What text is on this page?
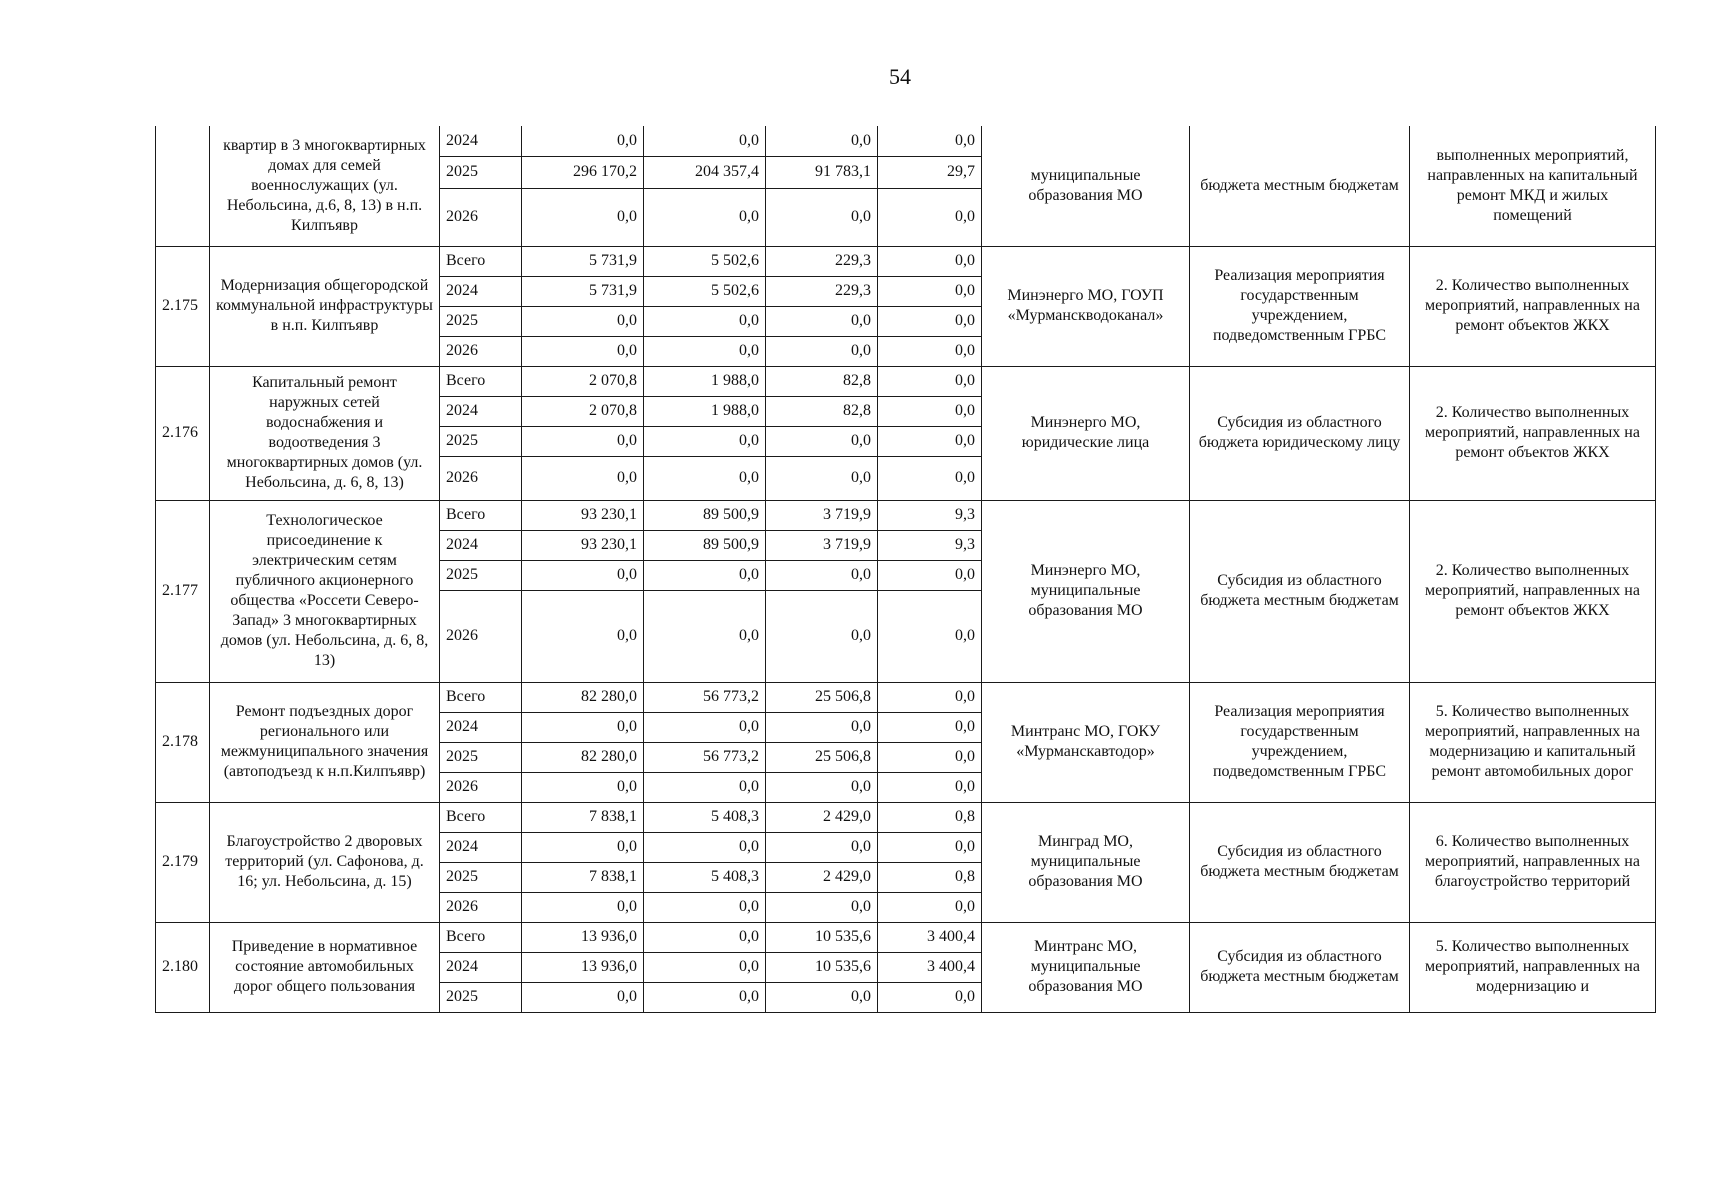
54
	квартир в 3 многоквартирных домах для семей военнослужащих (ул. Небольсина, д.6, 8, 13) в н.п. Килпъявр	2024	0,0	0,0	0,0	0,0	муниципальные образования МО	бюджета местным бюджетам	выполненных мероприятий, направленных на капитальный ремонт МКД и жилых помещений
		2025	296 170,2	204 357,4	91 783,1	29,7			
		2026	0,0	0,0	0,0	0,0			
2.175	Модернизация общегородской коммунальной инфраструктуры в н.п. Килпъявр	Всего	5 731,9	5 502,6	229,3	0,0	Минэнерго МО, ГОУП «Мурманскводоканал»	Реализация мероприятия государственным учреждением, подведомственным ГРБС	2. Количество выполненных мероприятий, направленных на ремонт объектов ЖКХ
		2024	5 731,9	5 502,6	229,3	0,0			
		2025	0,0	0,0	0,0	0,0			
		2026	0,0	0,0	0,0	0,0			
2.176	Капитальный ремонт наружных сетей водоснабжения и водоотведения 3 многоквартирных домов (ул. Небольсина, д. 6, 8, 13)	Всего	2 070,8	1 988,0	82,8	0,0	Минэнерго МО, юридические лица	Субсидия из областного бюджета юридическому лицу	2. Количество выполненных мероприятий, направленных на ремонт объектов ЖКХ
		2024	2 070,8	1 988,0	82,8	0,0			
		2025	0,0	0,0	0,0	0,0			
		2026	0,0	0,0	0,0	0,0			
2.177	Технологическое присоединение к электрическим сетям публичного акционерного общества «Россети Северо-Запад» 3 многоквартирных домов (ул. Небольсина, д. 6, 8, 13)	Всего	93 230,1	89 500,9	3 719,9	9,3	Минэнерго МО, муниципальные образования МО	Субсидия из областного бюджета местным бюджетам	2. Количество выполненных мероприятий, направленных на ремонт объектов ЖКХ
		2024	93 230,1	89 500,9	3 719,9	9,3			
		2025	0,0	0,0	0,0	0,0			
		2026	0,0	0,0	0,0	0,0			
2.178	Ремонт подъездных дорог регионального или межмуниципального значения (автоподъезд к н.п.Килпъявр)	Всего	82 280,0	56 773,2	25 506,8	0,0	Минтранс МО, ГОКУ «Мурманскавтодор»	Реализация мероприятия государственным учреждением, подведомственным ГРБС	5. Количество выполненных мероприятий, направленных на модернизацию и капитальный ремонт автомобильных дорог
		2024	0,0	0,0	0,0	0,0			
		2025	82 280,0	56 773,2	25 506,8	0,0			
		2026	0,0	0,0	0,0	0,0			
2.179	Благоустройство 2 дворовых территорий (ул. Сафонова, д. 16; ул. Небольсина, д. 15)	Всего	7 838,1	5 408,3	2 429,0	0,8	Минград МО, муниципальные образования МО	Субсидия из областного бюджета местным бюджетам	6. Количество выполненных мероприятий, направленных на благоустройство территорий
		2024	0,0	0,0	0,0	0,0			
		2025	7 838,1	5 408,3	2 429,0	0,8			
		2026	0,0	0,0	0,0	0,0			
2.180	Приведение в нормативное состояние автомобильных дорог общего пользования	Всего	13 936,0	0,0	10 535,6	3 400,4	Минтранс МО, муниципальные образования МО	Субсидия из областного бюджета местным бюджетам	5. Количество выполненных мероприятий, направленных на модернизацию и
		2024	13 936,0	0,0	10 535,6	3 400,4			
		2025	0,0	0,0	0,0	0,0			
